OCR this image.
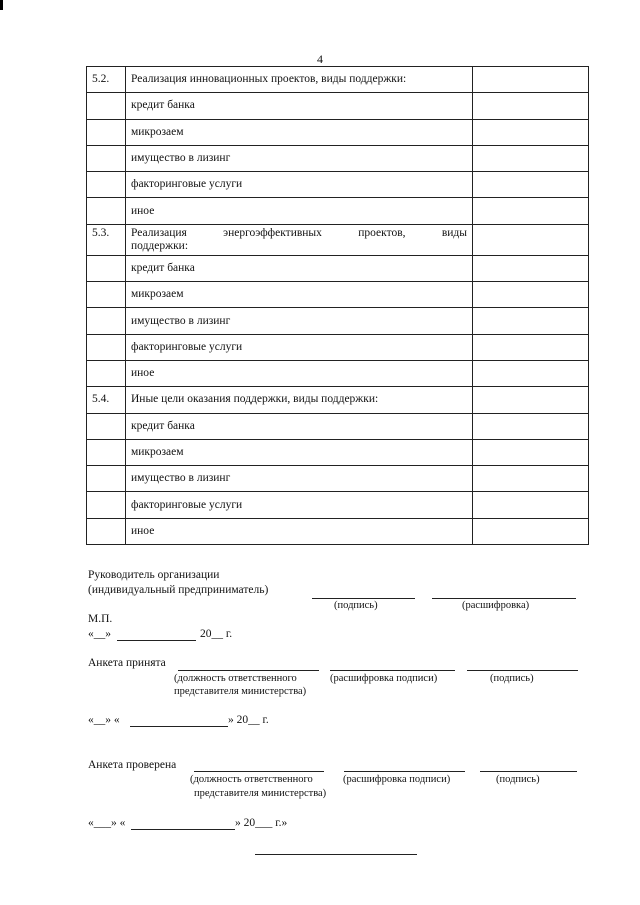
4
5.2.	Реализация инновационных проектов, виды поддержки:	
	кредит банка	
	микрозаем	
	имущество в лизинг	
	факторинговые услуги	
	иное	
5.3.	Реализация энергоэффективных проектов, виды
поддержки:	

	кредит банка	
	микрозаем	
	имущество в лизинг	
	факторинговые услуги	
	иное	
5.4.	Иные цели оказания поддержки, виды поддержки:	
	кредит банка	
	микрозаем	
	имущество в лизинг	
	факторинговые услуги	
	иное	
Руководитель организации
(индивидуальный предприниматель)
(подпись)	(расшифровка)
М.П.
«__»	20__ г.
Анкета принята
(должность ответственного
представителя министерства)
(расшифровка подписи)	(подпись)
«__» «	» 20__ г.
Анкета проверена
(должность ответственного
представителя министерства)
(расшифровка подписи)	(подпись)
«___» «	» 20___ г.»
